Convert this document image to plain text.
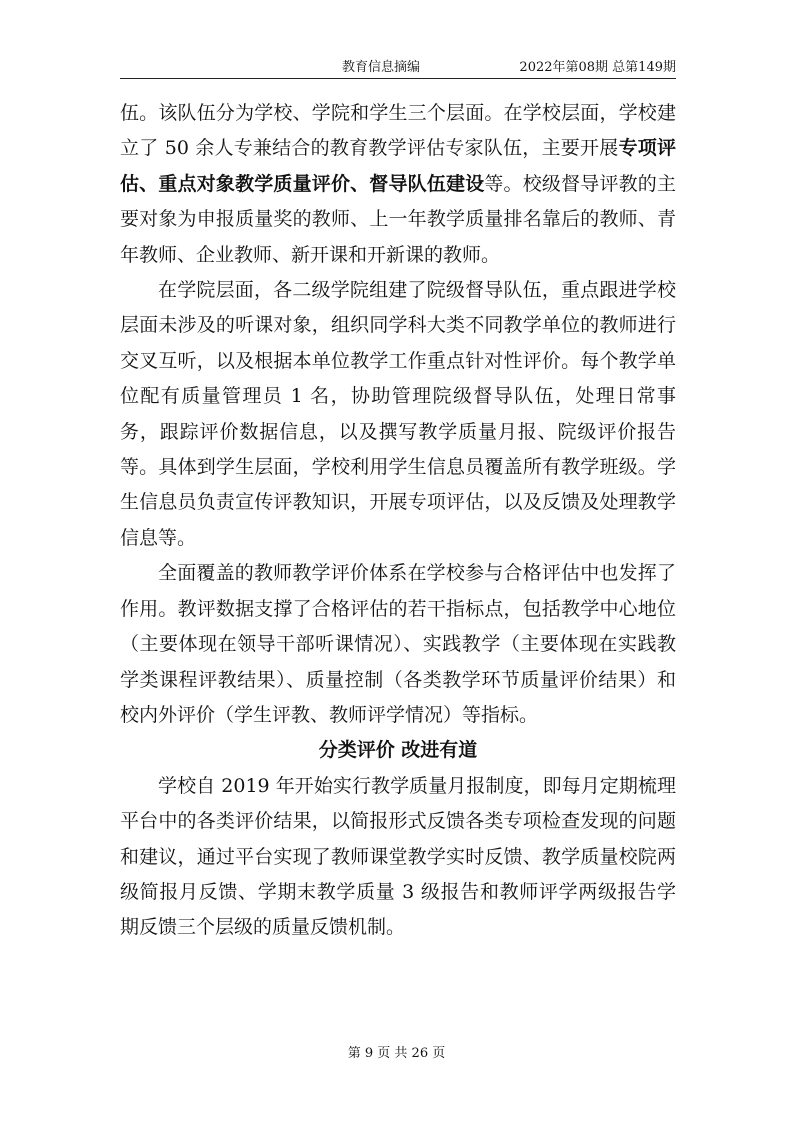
教育信息摘编	2022年第08期 总第149期

伍。该队伍分为学校、学院和学生三个层面。在学校层面，学校建立了 50 余人专兼结合的教育教学评估专家队伍，主要开展专项评估、重点对象教学质量评价、督导队伍建设等。校级督导评教的主要对象为申报质量奖的教师、上一年教学质量排名靠后的教师、青年教师、企业教师、新开课和开新课的教师。

在学院层面，各二级学院组建了院级督导队伍，重点跟进学校层面未涉及的听课对象，组织同学科大类不同教学单位的教师进行交叉互听，以及根据本单位教学工作重点针对性评价。每个教学单位配有质量管理员 1 名，协助管理院级督导队伍，处理日常事务，跟踪评价数据信息，以及撰写教学质量月报、院级评价报告等。具体到学生层面，学校利用学生信息员覆盖所有教学班级。学生信息员负责宣传评教知识，开展专项评估，以及反馈及处理教学信息等。

全面覆盖的教师教学评价体系在学校参与合格评估中也发挥了作用。教评数据支撑了合格评估的若干指标点，包括教学中心地位（主要体现在领导干部听课情况）、实践教学（主要体现在实践教学类课程评教结果）、质量控制（各类教学环节质量评价结果）和校内外评价（学生评教、教师评学情况）等指标。

分类评价 改进有道

学校自 2019 年开始实行教学质量月报制度，即每月定期梳理平台中的各类评价结果，以简报形式反馈各类专项检查发现的问题和建议，通过平台实现了教师课堂教学实时反馈、教学质量校院两级简报月反馈、学期末教学质量 3 级报告和教师评学两级报告学期反馈三个层级的质量反馈机制。

第 9 页 共 26 页
